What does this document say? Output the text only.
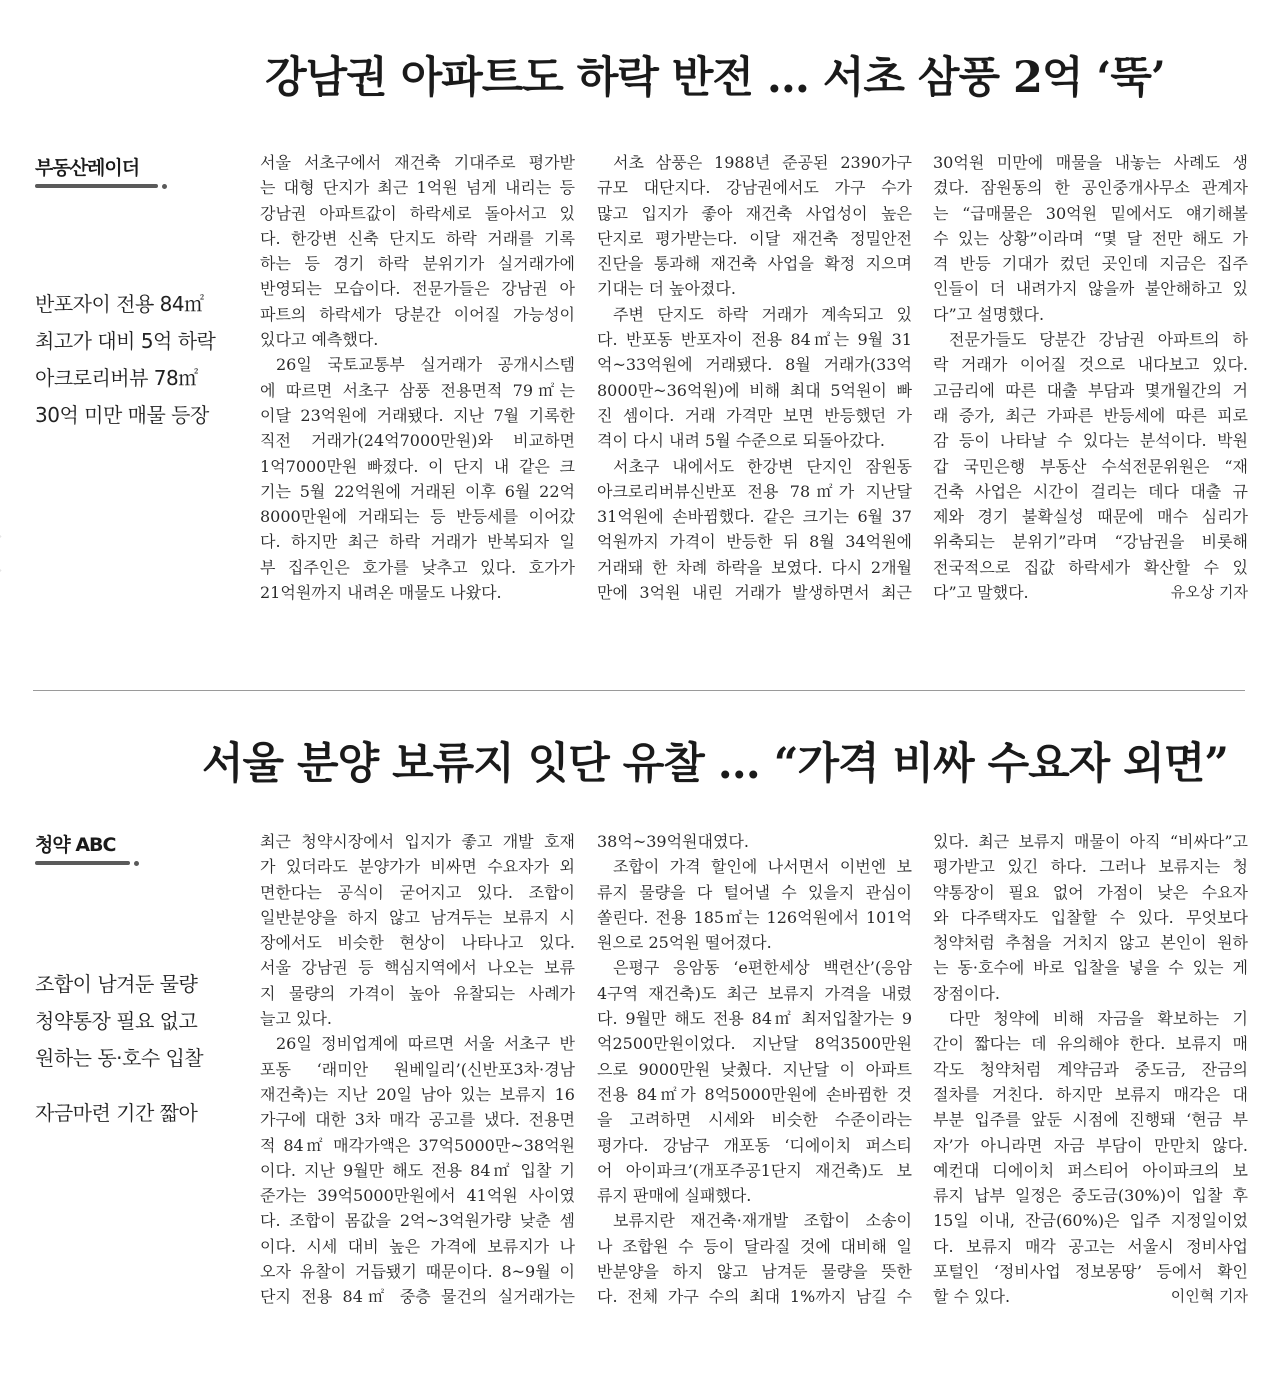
강남권 아파트도 하락 반전 … 서초 삼풍 2억 ‘뚝’
부동산레이더
반포자이 전용 84㎡
최고가 대비 5억 하락
아크로리버뷰 78㎡
30억 미만 매물 등장
서울 서초구에서 재건축 기대주로 평가받
는 대형 단지가 최근 1억원 넘게 내리는 등
강남권 아파트값이 하락세로 돌아서고 있
다. 한강변 신축 단지도 하락 거래를 기록
하는 등 경기 하락 분위기가 실거래가에
반영되는 모습이다. 전문가들은 강남권 아
파트의 하락세가 당분간 이어질 가능성이
있다고 예측했다.
26일 국토교통부 실거래가 공개시스템
에 따르면 서초구 삼풍 전용면적 79㎡는
이달 23억원에 거래됐다. 지난 7월 기록한
직전 거래가(24억7000만원)와 비교하면
1억7000만원 빠졌다. 이 단지 내 같은 크
기는 5월 22억원에 거래된 이후 6월 22억
8000만원에 거래되는 등 반등세를 이어갔
다. 하지만 최근 하락 거래가 반복되자 일
부 집주인은 호가를 낮추고 있다. 호가가
21억원까지 내려온 매물도 나왔다.
서초 삼풍은 1988년 준공된 2390가구
규모 대단지다. 강남권에서도 가구 수가
많고 입지가 좋아 재건축 사업성이 높은
단지로 평가받는다. 이달 재건축 정밀안전
진단을 통과해 재건축 사업을 확정 지으며
기대는 더 높아졌다.
주변 단지도 하락 거래가 계속되고 있
다. 반포동 반포자이 전용 84㎡는 9월 31
억~33억원에 거래됐다. 8월 거래가(33억
8000만~36억원)에 비해 최대 5억원이 빠
진 셈이다. 거래 가격만 보면 반등했던 가
격이 다시 내려 5월 수준으로 되돌아갔다.
서초구 내에서도 한강변 단지인 잠원동
아크로리버뷰신반포 전용 78㎡가 지난달
31억원에 손바뀜했다. 같은 크기는 6월 37
억원까지 가격이 반등한 뒤 8월 34억원에
거래돼 한 차례 하락을 보였다. 다시 2개월
만에 3억원 내린 거래가 발생하면서 최근
30억원 미만에 매물을 내놓는 사례도 생
겼다. 잠원동의 한 공인중개사무소 관계자
는 “급매물은 30억원 밑에서도 얘기해볼
수 있는 상황”이라며 “몇 달 전만 해도 가
격 반등 기대가 컸던 곳인데 지금은 집주
인들이 더 내려가지 않을까 불안해하고 있
다”고 설명했다.
전문가들도 당분간 강남권 아파트의 하
락 거래가 이어질 것으로 내다보고 있다.
고금리에 따른 대출 부담과 몇개월간의 거
래 증가, 최근 가파른 반등세에 따른 피로
감 등이 나타날 수 있다는 분석이다. 박원
갑 국민은행 부동산 수석전문위원은 “재
건축 사업은 시간이 걸리는 데다 대출 규
제와 경기 불확실성 때문에 매수 심리가
위축되는 분위기”라며 “강남권을 비롯해
전국적으로 집값 하락세가 확산할 수 있
다”고 말했다.	유오상 기자
서울 분양 보류지 잇단 유찰 … “가격 비싸 수요자 외면”
청약 ABC
조합이 남겨둔 물량
청약통장 필요 없고
원하는 동·호수 입찰
자금마련 기간 짧아
최근 청약시장에서 입지가 좋고 개발 호재
가 있더라도 분양가가 비싸면 수요자가 외
면한다는 공식이 굳어지고 있다. 조합이
일반분양을 하지 않고 남겨두는 보류지 시
장에서도 비슷한 현상이 나타나고 있다.
서울 강남권 등 핵심지역에서 나오는 보류
지 물량의 가격이 높아 유찰되는 사례가
늘고 있다.
26일 정비업계에 따르면 서울 서초구 반
포동 ‘래미안 원베일리’(신반포3차·경남
재건축)는 지난 20일 남아 있는 보류지 16
가구에 대한 3차 매각 공고를 냈다. 전용면
적 84㎡ 매각가액은 37억5000만~38억원
이다. 지난 9월만 해도 전용 84㎡ 입찰 기
준가는 39억5000만원에서 41억원 사이였
다. 조합이 몸값을 2억~3억원가량 낮춘 셈
이다. 시세 대비 높은 가격에 보류지가 나
오자 유찰이 거듭됐기 때문이다. 8~9월 이
단지 전용 84㎡ 중층 물건의 실거래가는
38억~39억원대였다.
조합이 가격 할인에 나서면서 이번엔 보
류지 물량을 다 털어낼 수 있을지 관심이
쏠린다. 전용 185㎡는 126억원에서 101억
원으로 25억원 떨어졌다.
은평구 응암동 ‘e편한세상 백련산’(응암
4구역 재건축)도 최근 보류지 가격을 내렸
다. 9월만 해도 전용 84㎡ 최저입찰가는 9
억2500만원이었다. 지난달 8억3500만원
으로 9000만원 낮췄다. 지난달 이 아파트
전용 84㎡가 8억5000만원에 손바뀜한 것
을 고려하면 시세와 비슷한 수준이라는
평가다. 강남구 개포동 ‘디에이치 퍼스티
어 아이파크’(개포주공1단지 재건축)도 보
류지 판매에 실패했다.
보류지란 재건축·재개발 조합이 소송이
나 조합원 수 등이 달라질 것에 대비해 일
반분양을 하지 않고 남겨둔 물량을 뜻한
다. 전체 가구 수의 최대 1%까지 남길 수
있다. 최근 보류지 매물이 아직 “비싸다”고
평가받고 있긴 하다. 그러나 보류지는 청
약통장이 필요 없어 가점이 낮은 수요자
와 다주택자도 입찰할 수 있다. 무엇보다
청약처럼 추첨을 거치지 않고 본인이 원하
는 동·호수에 바로 입찰을 넣을 수 있는 게
장점이다.
다만 청약에 비해 자금을 확보하는 기
간이 짧다는 데 유의해야 한다. 보류지 매
각도 청약처럼 계약금과 중도금, 잔금의
절차를 거친다. 하지만 보류지 매각은 대
부분 입주를 앞둔 시점에 진행돼 ‘현금 부
자’가 아니라면 자금 부담이 만만치 않다.
예컨대 디에이치 퍼스티어 아이파크의 보
류지 납부 일정은 중도금(30%)이 입찰 후
15일 이내, 잔금(60%)은 입주 지정일이었
다. 보류지 매각 공고는 서울시 정비사업
포털인 ‘정비사업 정보몽땅’ 등에서 확인
할 수 있다.	이인혁 기자
